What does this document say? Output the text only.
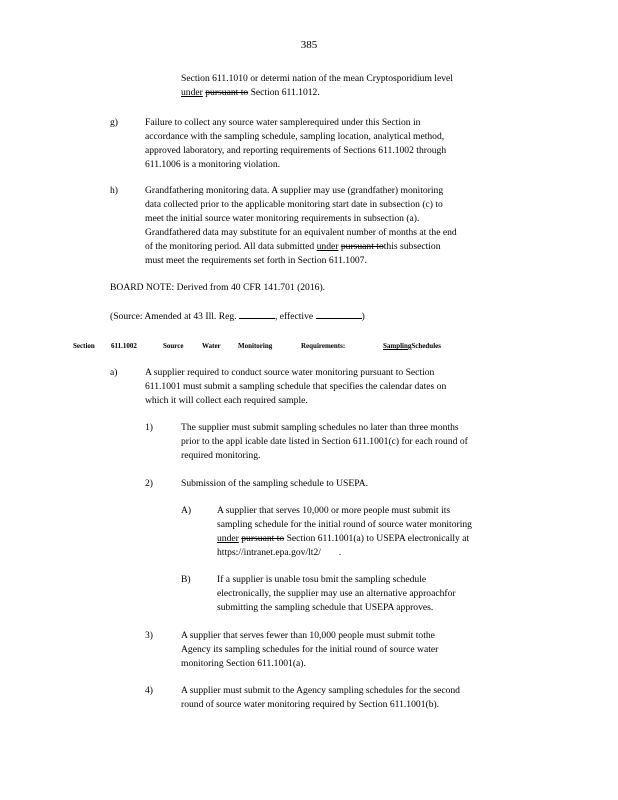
385
Section 611.1010 or determi nation of the mean Cryptosporidium level
under pursuant to Section 611.1012.
g)	Failure to collect any source water samplerequired under this Section in
accordance with the sampling schedule, sampling location, analytical method,
approved laboratory, and reporting requirements of Sections 611.1002 through
611.1006 is a monitoring violation.
h)	Grandfathering monitoring data. A supplier may use (grandfather) monitoring
data collected prior to the applicable monitoring start date in subsection (c) to
meet the initial source water monitoring requirements in subsection (a).
Grandfathered data may substitute for an equivalent number of months at the end
of the monitoring period. All data submitted under pursuant tothis subsection
must meet the requirements set forth in Section 611.1007.
BOARD NOTE: Derived from 40 CFR 141.701 (2016).
(Source: Amended at 43 Ill. Reg.	, effective	)
Section 611.1002	Source	Water Monitoring	Requirements:	SamplingSchedules
a)	A supplier required to conduct source water monitoring pursuant to Section
611.1001 must submit a sampling schedule that specifies the calendar dates on
which it will collect each required sample.
1)	The supplier must submit sampling schedules no later than three months
prior to the appl icable date listed in Section 611.1001(c) for each round of
required monitoring.
2)	Submission of the sampling schedule to USEPA.
A)	A supplier that serves 10,000 or more people must submit its
sampling schedule for the initial round of source water monitoring
under pursuant to Section 611.1001(a) to USEPA electronically at
https://intranet.epa.gov/lt2/ .
B)	If a supplier is unable tosu bmit the sampling schedule
electronically, the supplier may use an alternative approachfor
submitting the sampling schedule that USEPA approves.
3)	A supplier that serves fewer than 10,000 people must submit tothe
Agency its sampling schedules for the initial round of source water
monitoring Section 611.1001(a).
4)	A supplier must submit to the Agency sampling schedules for the second
round of source water monitoring required by Section 611.1001(b).
